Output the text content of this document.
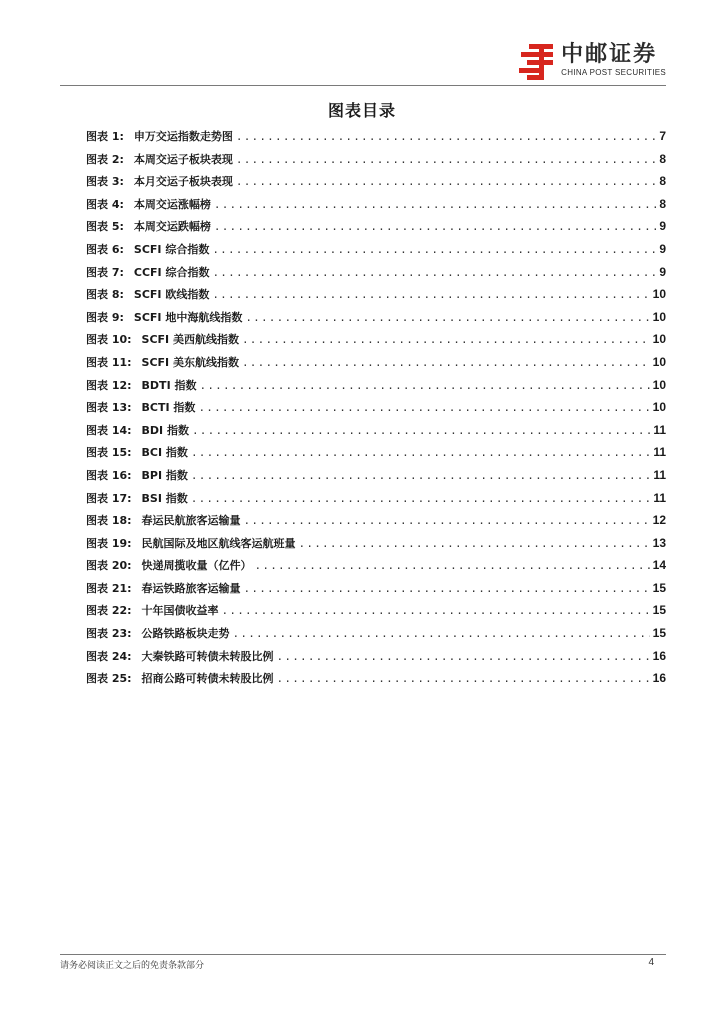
中邮证券
CHINA POST SECURITIES
图表目录
图表 1: 申万交运指数走势图 .....	7
图表 2: 本周交运子板块表现 .....	8
图表 3: 本月交运子板块表现 .....	8
图表 4: 本周交运涨幅榜 .....	8
图表 5: 本周交运跌幅榜 .....	9
图表 6: SCFI 综合指数 .....	9
图表 7: CCFI 综合指数 .....	9
图表 8: SCFI 欧线指数 .....	10
图表 9: SCFI 地中海航线指数 .....	10
图表 10: SCFI 美西航线指数 .....	10
图表 11: SCFI 美东航线指数 .....	10
图表 12: BDTI 指数 .....	10
图表 13: BCTI 指数 .....	10
图表 14: BDI 指数 .....	11
图表 15: BCI 指数 .....	11
图表 16: BPI 指数 .....	11
图表 17: BSI 指数 .....	11
图表 18: 春运民航旅客运输量 .....	12
图表 19: 民航国际及地区航线客运航班量 .....	13
图表 20: 快递周揽收量（亿件） .....	14
图表 21: 春运铁路旅客运输量 .....	15
图表 22: 十年国债收益率 .....	15
图表 23: 公路铁路板块走势 .....	15
图表 24: 大秦铁路可转债未转股比例 .....	16
图表 25: 招商公路可转债未转股比例 .....	16
请务必阅读正文之后的免责条款部分	4
